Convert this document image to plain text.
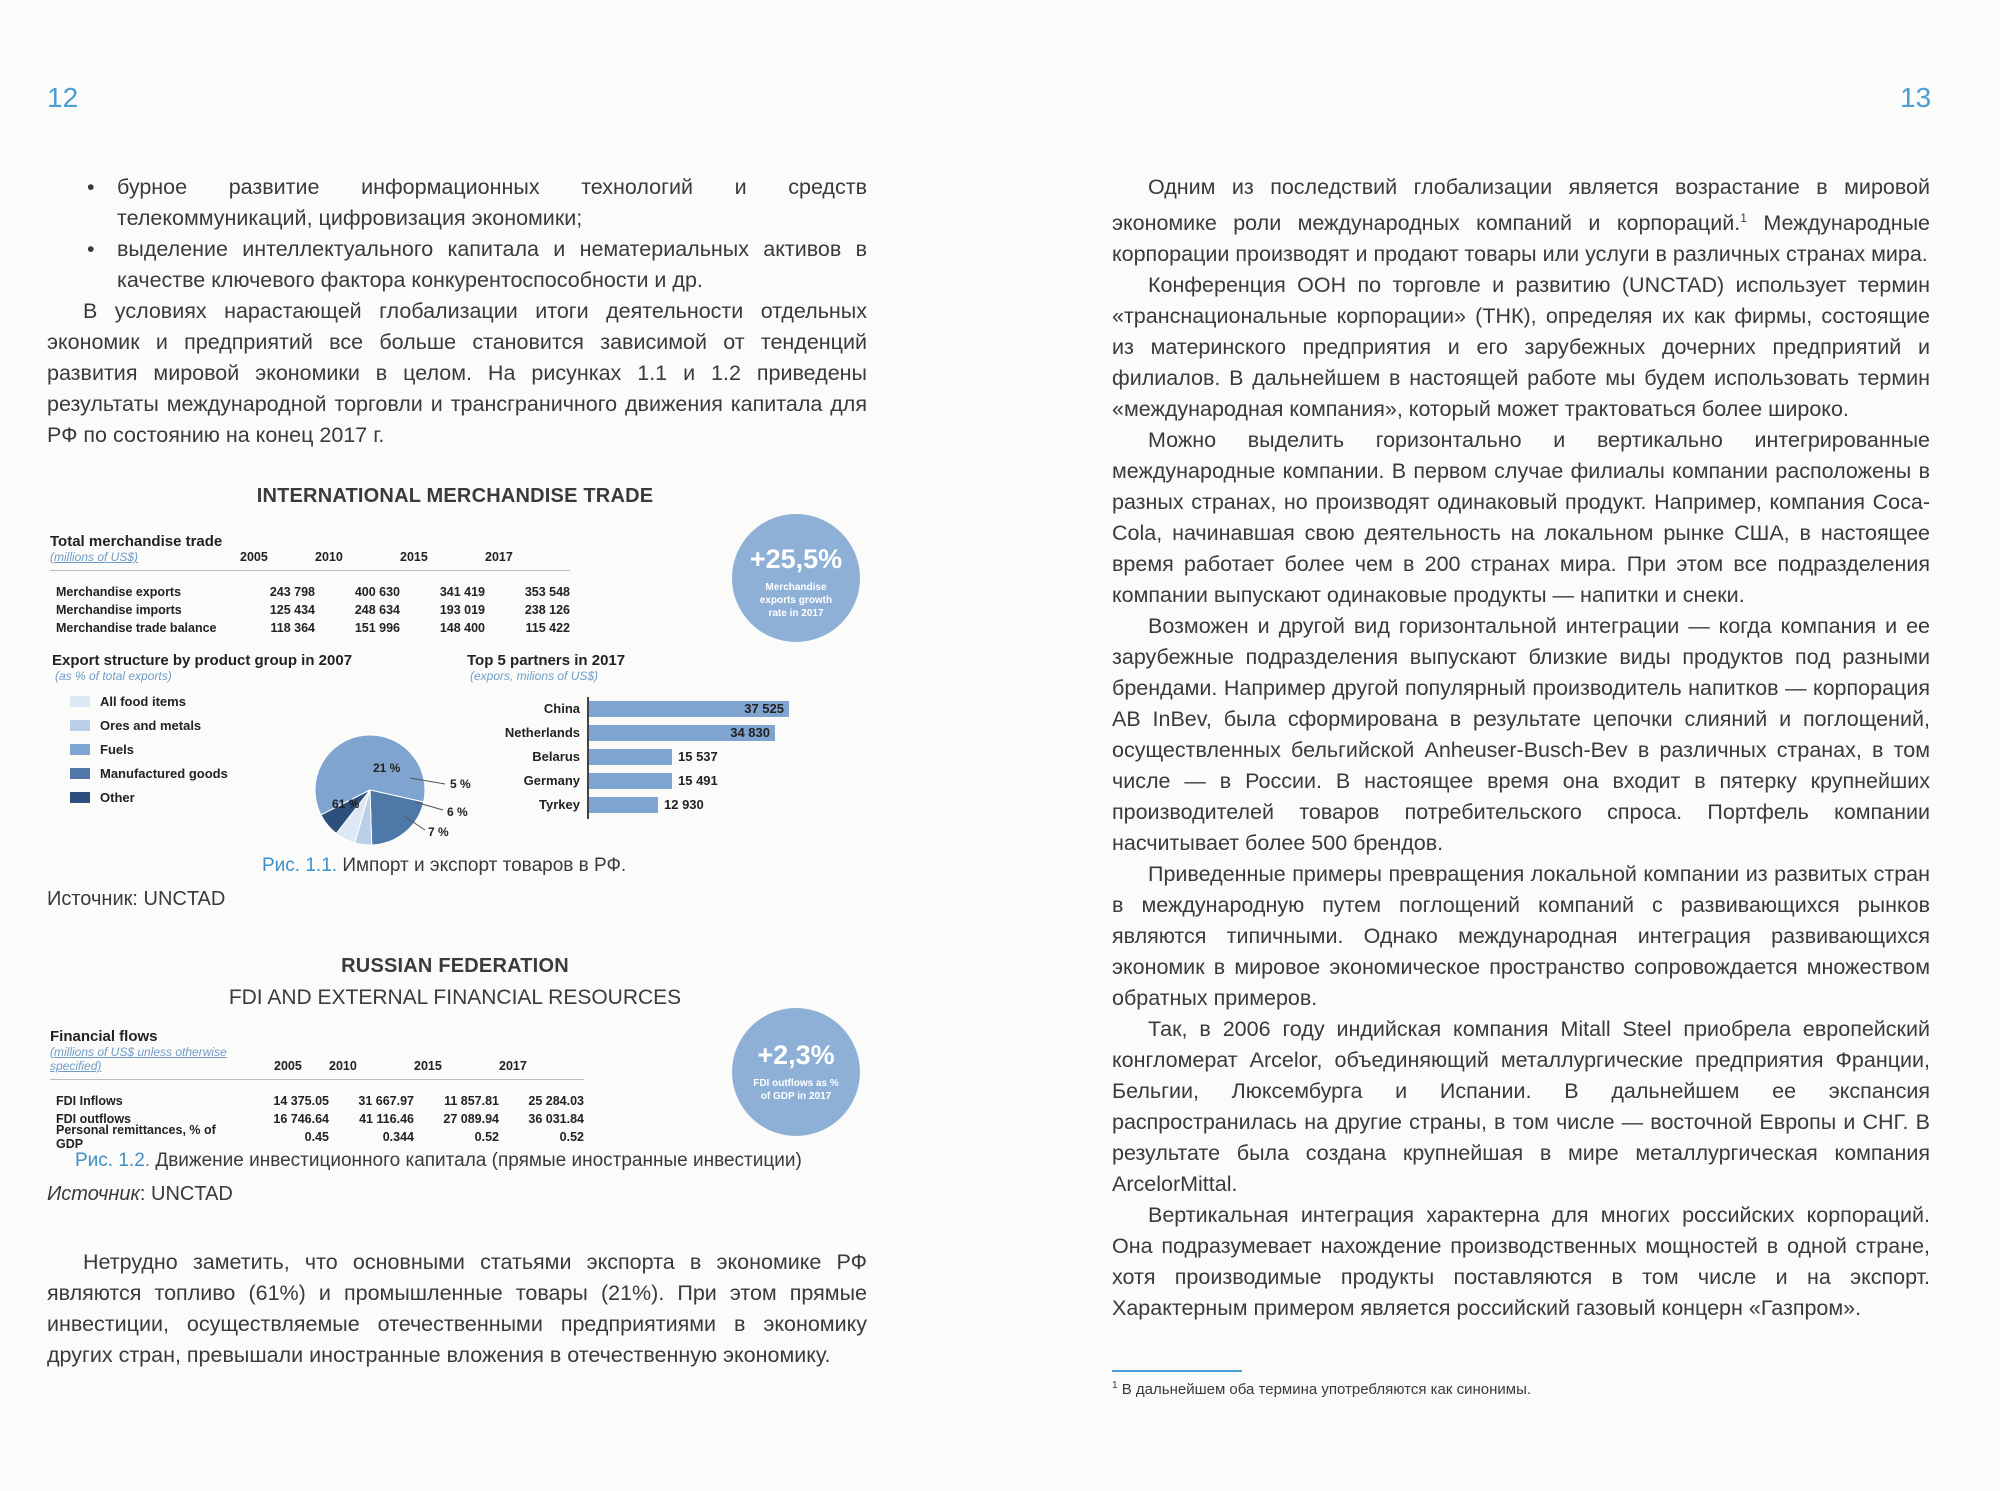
12
• бурное развитие информационных технологий и средств телекоммуникаций, цифровизация экономики;
• выделение интеллектуального капитала и нематериальных активов в качестве ключевого фактора конкурентоспособности и др.

В условиях нарастающей глобализации итоги деятельности отдельных экономик и предприятий все больше становится зависимой от тенденций развития мировой экономики в целом. На рисунках 1.1 и 1.2 приведены результаты международной торговли и трансграничного движения капитала для РФ по состоянию на конец 2017 г.

INTERNATIONAL MERCHANDISE TRADE
Total merchandise trade
(millions of US$)	2005	2010	2015	2017
Merchandise exports	243 798	400 630	341 419	353 548
Merchandise imports	125 434	248 634	193 019	238 126
Merchandise trade balance	118 364	151 996	148 400	115 422
+25,5%
Merchandise exports growth rate in 2017
Export structure by product group in 2007
(as % of total exports)
All food items
Ores and metals
Fuels
Manufactured goods
Other	61 %
21 %
5 %
6 %
7 %
Top 5 partners in 2017
(expors, milions of US$)
China	37 525
Netherlands	34 830
Belarus	15 537
Germany	15 491
Tyrkey	12 930
Рис. 1.1. Импорт и экспорт товаров в РФ.
Источник: UNCTAD
RUSSIAN FEDERATION
FDI AND EXTERNAL FINANCIAL RESOURCES
Financial flows
(millions of US$ unless otherwise specified)	2005	2010	2015	2017
FDI Inflows	14 375.05	31 667.97	11 857.81	25 284.03
FDI outflows	16 746.64	41 116.46	27 089.94	36 031.84
Personal remittances, % of GDP	0.45	0.344	0.52	0.52
+2,3%
FDI outflows as % of GDP in 2017
Рис. 1.2. Движение инвестиционного капитала (прямые иностранные инвестиции)
Источник: UNCTAD

Нетрудно заметить, что основными статьями экспорта в экономике РФ являются топливо (61%) и промышленные товары (21%). При этом прямые инвестиции, осуществляемые отечественными предприятиями в экономику других стран, превышали иностранные вложения в отечественную экономику.

13

Одним из последствий глобализации является возрастание в мировой экономике роли международных компаний и корпораций.$^1$ Международные корпорации производят и продают товары или услуги в различных странах мира.

Конференция ООН по торговле и развитию (UNCTAD) использует термин «транснациональные корпорации» (ТНК), определяя их как фирмы, состоящие из материнского предприятия и его зарубежных дочерних предприятий и филиалов. В дальнейшем в настоящей работе мы будем использовать термин «международная компания», который может трактоваться более широко.

Можно выделить горизонтально и вертикально интегрированные международные компании. В первом случае филиалы компании расположены в разных странах, но производят одинаковый продукт. Например, компания Coca-Cola, начинавшая свою деятельность на локальном рынке США, в настоящее время работает более чем в 200 странах мира. При этом все подразделения компании выпускают одинаковые продукты — напитки и снеки.

Возможен и другой вид горизонтальной интеграции — когда компания и ее зарубежные подразделения выпускают близкие виды продуктов под разными брендами. Например другой популярный производитель напитков — корпорация AB InBev, была сформирована в результате цепочки слияний и поглощений, осуществленных бельгийской Anheuser-Busch-Bev в различных странах, в том числе — в России. В настоящее время она входит в пятерку крупнейших производителей товаров потребительского спроса. Портфель компании насчитывает более 500 брендов.

Приведенные примеры превращения локальной компании из развитых стран в международную путем поглощений компаний с развивающихся рынков являются типичными. Однако международная интеграция развивающихся экономик в мировое экономическое пространство сопровождается множеством обратных примеров.

Так, в 2006 году индийская компания Mitall Steel приобрела европейский конгломерат Arcelor, объединяющий металлургические предприятия Франции, Бельгии, Люксембурга и Испании. В дальнейшем ее экспансия распространилась на другие страны, в том числе — восточной Европы и СНГ. В результате была создана крупнейшая в мире металлургическая компания ArcelorMittal.

Вертикальная интеграция характерна для многих российских корпораций. Она подразумевает нахождение производственных мощностей в одной стране, хотя производимые продукты поставляются в том числе и на экспорт. Характерным примером является российский газовый концерн «Газпром».

$^1$ В дальнейшем оба термина употребляются как синонимы.
